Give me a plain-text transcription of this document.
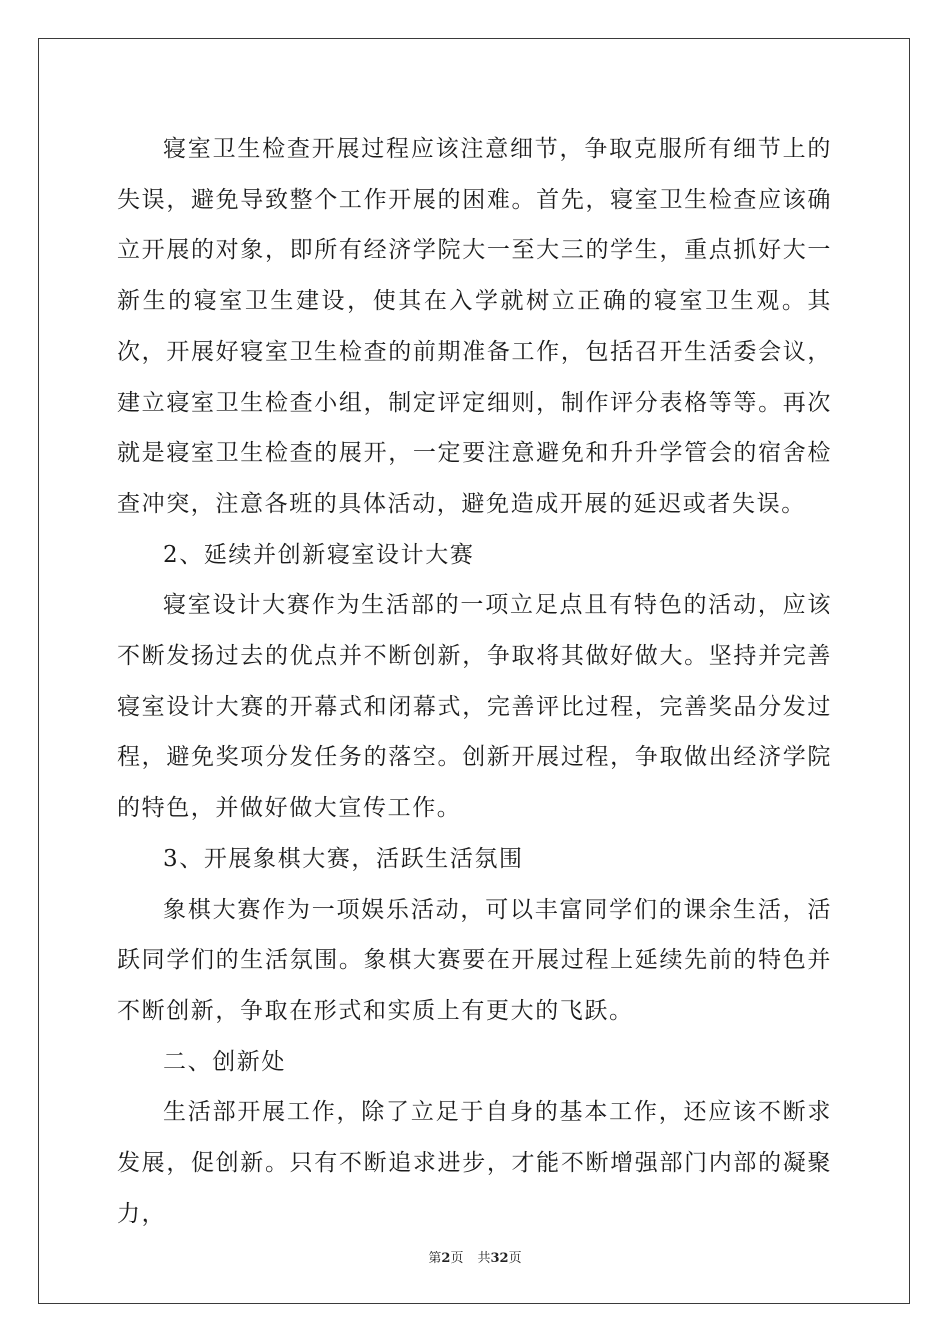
寝室卫生检查开展过程应该注意细节，争取克服所有细节上的失误，避免导致整个工作开展的困难。首先，寝室卫生检查应该确立开展的对象，即所有经济学院大一至大三的学生，重点抓好大一新生的寝室卫生建设，使其在入学就树立正确的寝室卫生观。其次，开展好寝室卫生检查的前期准备工作，包括召开生活委会议，建立寝室卫生检查小组，制定评定细则，制作评分表格等等。再次就是寝室卫生检查的展开，一定要注意避免和升升学管会的宿舍检查冲突，注意各班的具体活动，避免造成开展的延迟或者失误。

2、延续并创新寝室设计大赛

寝室设计大赛作为生活部的一项立足点且有特色的活动，应该不断发扬过去的优点并不断创新，争取将其做好做大。坚持并完善寝室设计大赛的开幕式和闭幕式，完善评比过程，完善奖品分发过程，避免奖项分发任务的落空。创新开展过程，争取做出经济学院的特色，并做好做大宣传工作。

3、开展象棋大赛，活跃生活氛围

象棋大赛作为一项娱乐活动，可以丰富同学们的课余生活，活跃同学们的生活氛围。象棋大赛要在开展过程上延续先前的特色并不断创新，争取在形式和实质上有更大的飞跃。

二、创新处

生活部开展工作，除了立足于自身的基本工作，还应该不断求发展，促创新。只有不断追求进步，才能不断增强部门内部的凝聚力，

第2页 共32页
